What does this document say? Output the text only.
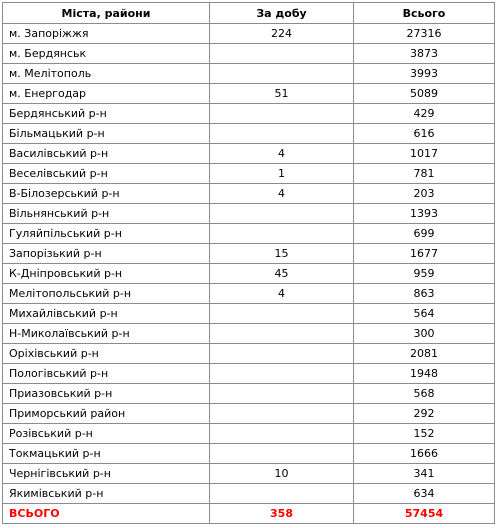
Міста, райони	За добу	Всього
м. Запоріжжя	224	27316
м. Бердянськ		3873
м. Мелітополь		3993
м. Енергодар	51	5089
Бердянський р-н		429
Більмацький р-н		616
Василівський р-н	4	1017
Веселівський р-н	1	781
В-Білозерський р-н	4	203
Вільнянський р-н		1393
Гуляйпільський р-н		699
Запорізький р-н	15	1677
К-Дніпровський р-н	45	959
Мелітопольський р-н	4	863
Михайлівський р-н		564
Н-Миколаївський р-н		300
Оріхівський р-н		2081
Пологівський р-н		1948
Приазовський р-н		568
Приморський район		292
Розівський р-н		152
Токмацький р-н		1666
Чернігівський р-н	10	341
Якимівський р-н		634
ВСЬОГО	358	57454
